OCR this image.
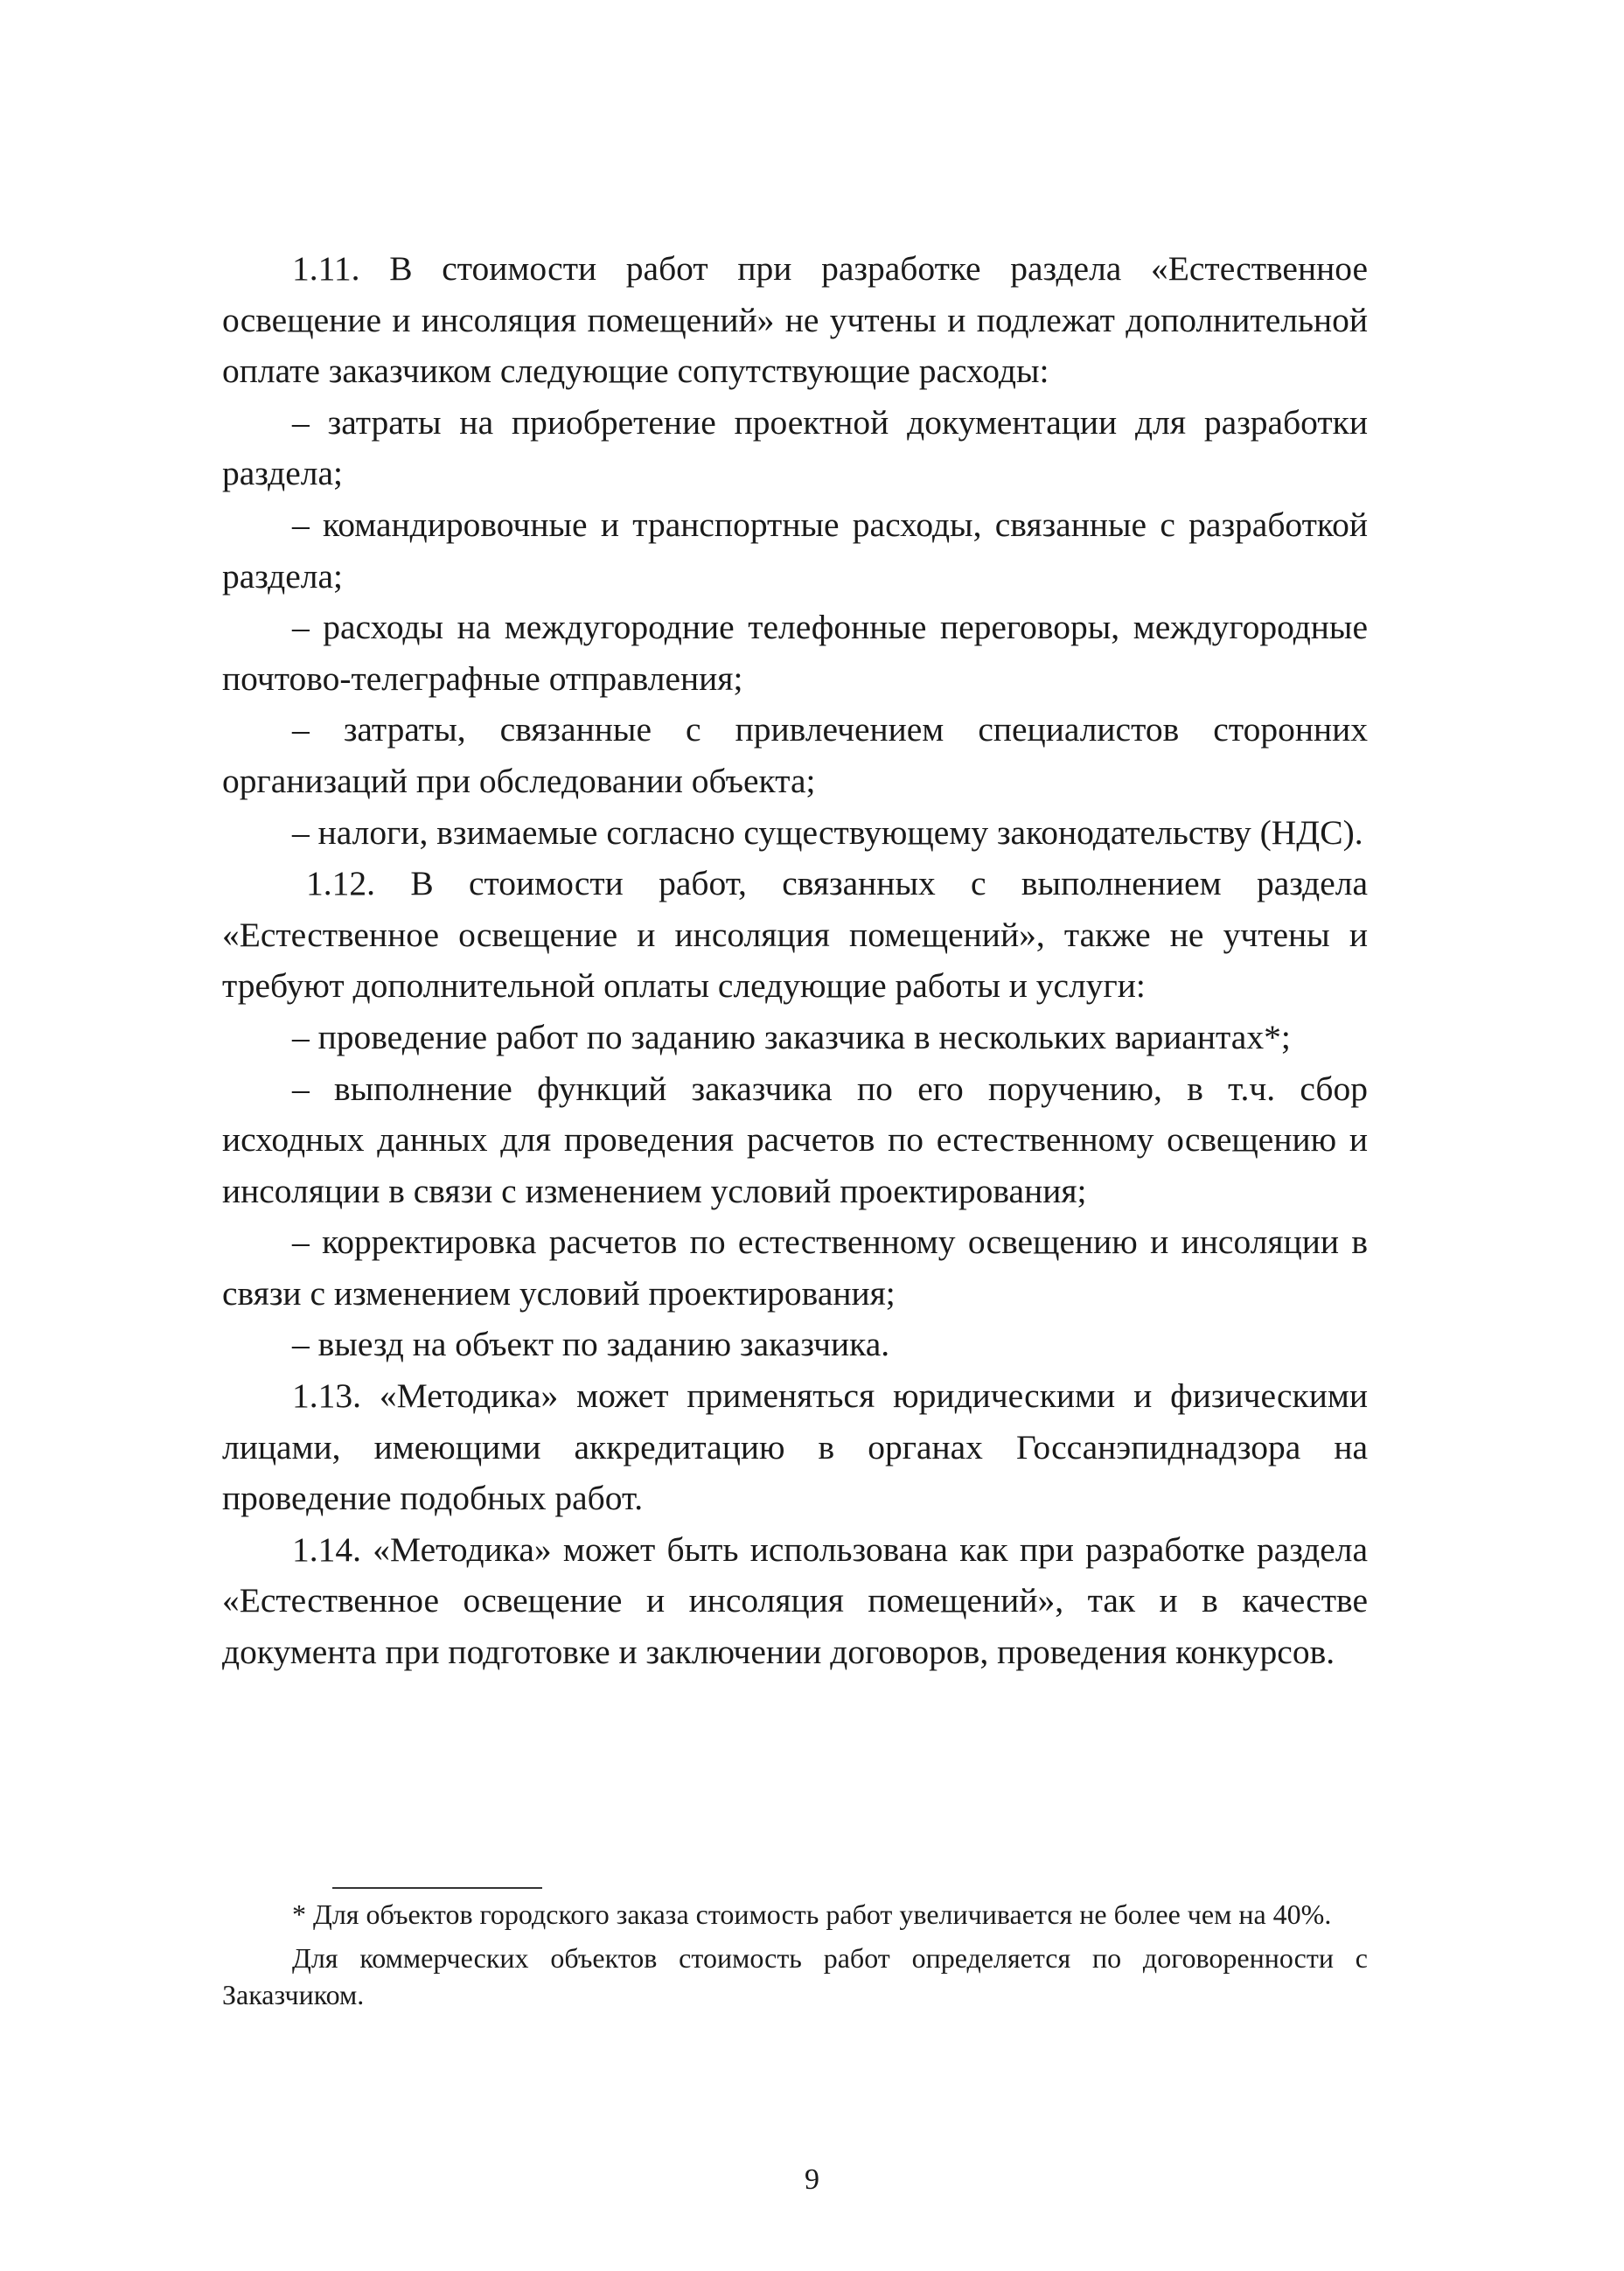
1.11. В стоимости работ при разработке раздела «Естественное освещение и инсоляция помещений» не учтены и подлежат дополнительной оплате заказчиком следующие сопутствующие расходы:

– затраты на приобретение проектной документации для разработки раздела;

– командировочные и транспортные расходы, связанные с разработкой раздела;

– расходы на междугородние телефонные переговоры, междугородные почтово-телеграфные отправления;

– затраты, связанные с привлечением специалистов сторонних организаций при обследовании объекта;

– налоги, взимаемые согласно существующему законодательству (НДС).

1.12. В стоимости работ, связанных с выполнением раздела «Естественное освещение и инсоляция помещений», также не учтены и требуют дополнительной оплаты следующие работы и услуги:

– проведение работ по заданию заказчика в нескольких вариантах*;

– выполнение функций заказчика по его поручению, в т.ч. сбор исходных данных для проведения расчетов по естественному освещению и инсоляции в связи с изменением условий проектирования;

– корректировка расчетов по естественному освещению и инсоляции в связи с изменением условий проектирования;

– выезд на объект по заданию заказчика.

1.13. «Методика» может применяться юридическими и физическими лицами, имеющими аккредитацию в органах Госсанэпиднадзора на проведение подобных работ.

1.14. «Методика» может быть использована как при разработке раздела «Естественное освещение и инсоляция помещений», так и в качестве документа при подготовке и заключении договоров, проведения конкурсов.

* Для объектов городского заказа стоимость работ увеличивается не более чем на 40%.

Для коммерческих объектов стоимость работ определяется по договоренности с Заказчиком.

9
